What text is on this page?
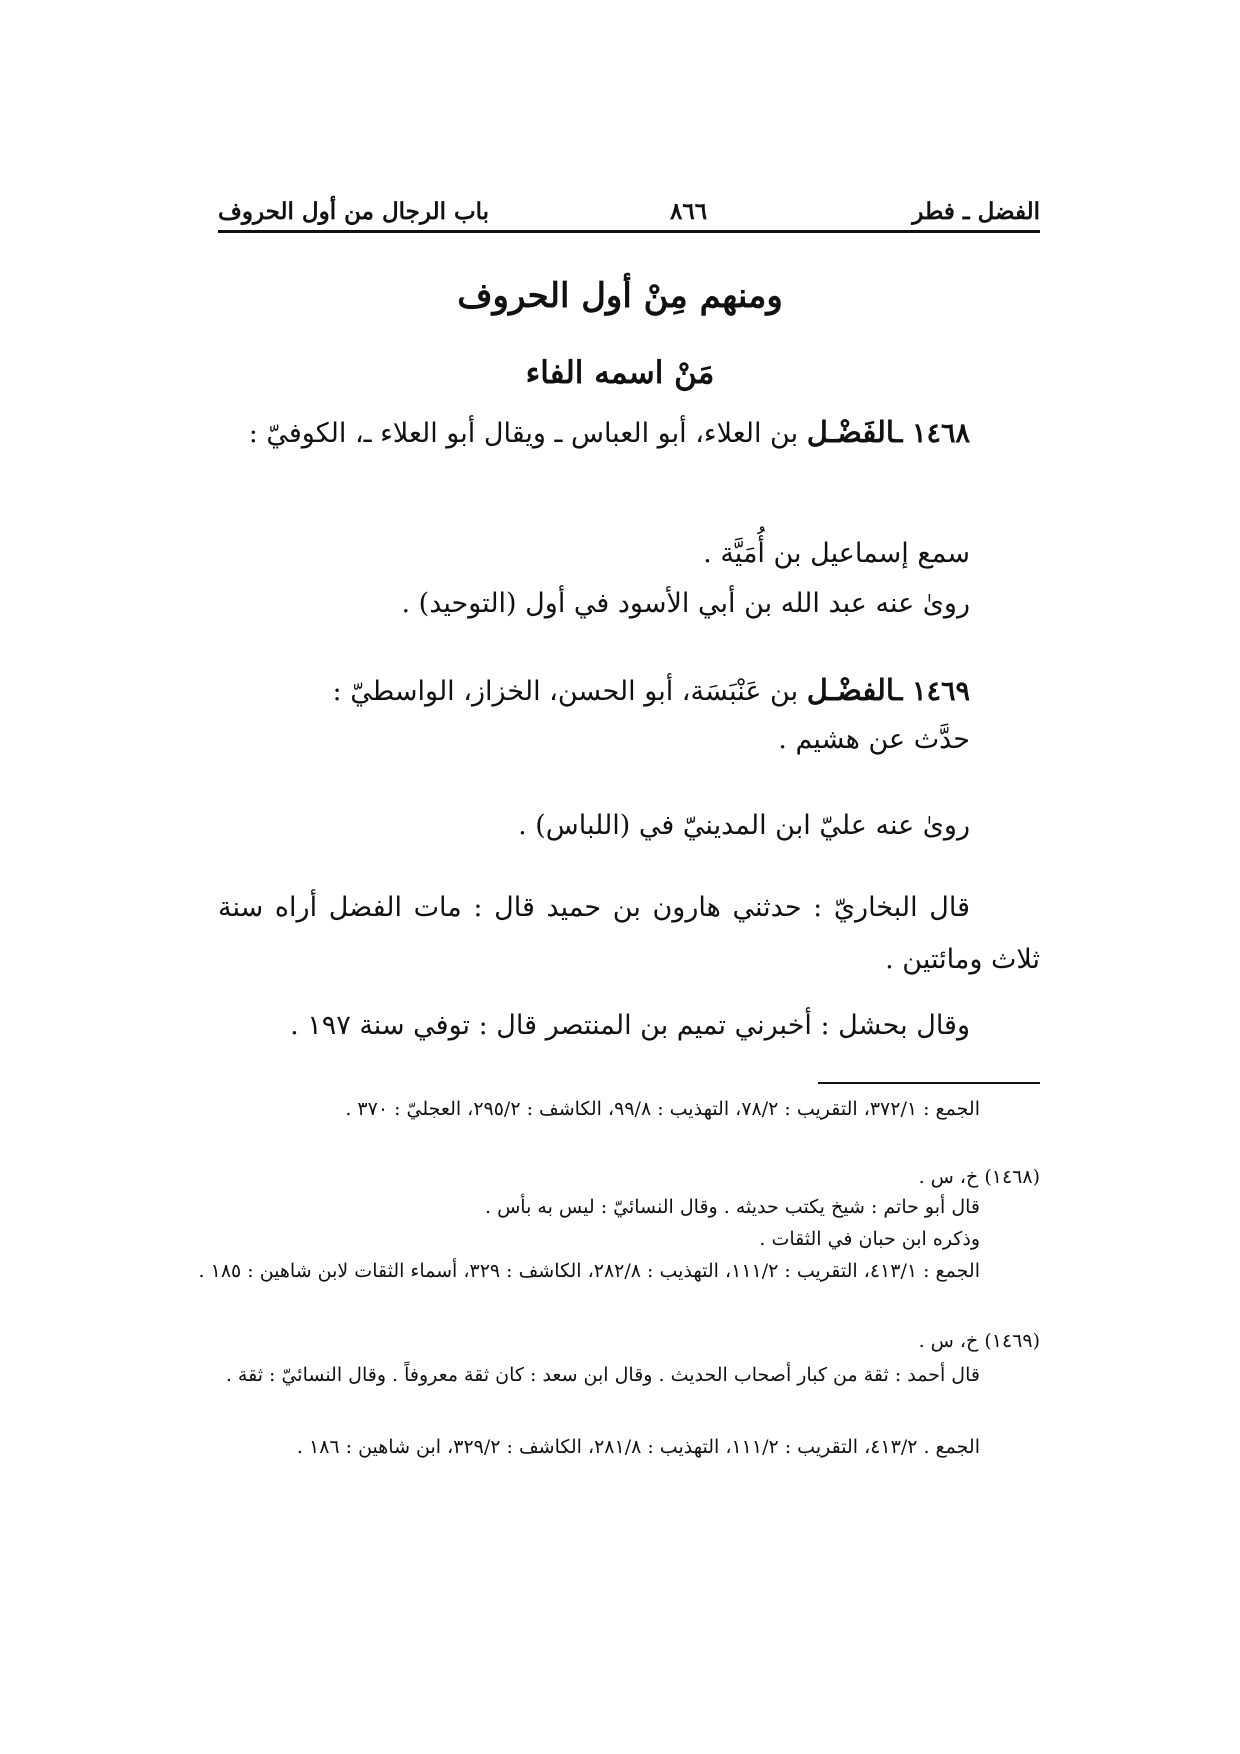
الفضل ـ فطر
٨٦٦
باب الرجال من أول الحروف
ومنهم مِنْ أول الحروف
مَنْ اسمه الفاء
١٤٦٨ ـالفَضْـل بن العلاء، أبو العباس ـ ويقال أبو العلاء ـ، الكوفيّ :
سمع إسماعيل بن أُمَيَّة .
روىٰ عنه عبد الله بن أبي الأسود في أول (التوحيد) .
١٤٦٩ ـالفضْـل بن عَنْبَسَة، أبو الحسن، الخزاز، الواسطيّ :
حدَّث عن هشيم .
روىٰ عنه عليّ ابن المدينيّ في (اللباس) .
قال البخاريّ : حدثني هارون بن حميد قال : مات الفضل أراه سنة ثلاث ومائتين .
وقال بحشل : أخبرني تميم بن المنتصر قال : توفي سنة ١٩٧ .
الجمع : ٣٧٢/١، التقريب : ٧٨/٢، التهذيب : ٩٩/٨، الكاشف : ٢٩٥/٢، العجليّ : ٣٧٠ .
(١٤٦٨) خ، س .
قال أبو حاتم : شيخ يكتب حديثه . وقال النسائيّ : ليس به بأس .
وذكره ابن حبان في الثقات .
الجمع : ٤١٣/١، التقريب : ١١١/٢، التهذيب : ٢٨٢/٨، الكاشف : ٣٢٩، أسماء الثقات لابن شاهين : ١٨٥ .
(١٤٦٩) خ، س .
قال أحمد : ثقة من كبار أصحاب الحديث . وقال ابن سعد : كان ثقة معروفاً . وقال النسائيّ : ثقة .
الجمع . ٤١٣/٢، التقريب : ١١١/٢، التهذيب : ٢٨١/٨، الكاشف : ٣٢٩/٢، ابن شاهين : ١٨٦ .
